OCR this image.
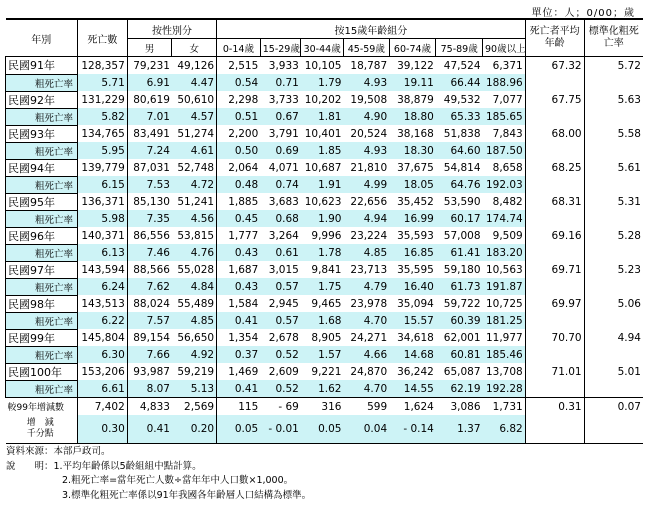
單位：人；0/00；歲
年別	死亡數	按性別分		按15歲年齡組分							死亡者平均年齡	標準化粗死亡率
		男	女	0-14歲	15-29歲	30-44歲	45-59歲	60-74歲	75-89歲	90歲以上		
民國91年	128,357	79,231	49,126	2,515	3,933	10,105	18,787	39,122	47,524	6,371	67.32	5.72
粗死亡率	5.71	6.91	4.47	0.54	0.71	1.79	4.93	19.11	66.44	188.96		
民國92年	131,229	80,619	50,610	2,298	3,733	10,202	19,508	38,879	49,532	7,077	67.75	5.63
粗死亡率	5.82	7.01	4.57	0.51	0.67	1.81	4.90	18.80	65.33	185.65		
民國93年	134,765	83,491	51,274	2,200	3,791	10,401	20,524	38,168	51,838	7,843	68.00	5.58
粗死亡率	5.95	7.24	4.61	0.50	0.69	1.85	4.93	18.30	64.60	187.50		
民國94年	139,779	87,031	52,748	2,064	4,071	10,687	21,810	37,675	54,814	8,658	68.25	5.61
粗死亡率	6.15	7.53	4.72	0.48	0.74	1.91	4.99	18.05	64.76	192.03		
民國95年	136,371	85,130	51,241	1,885	3,683	10,623	22,656	35,452	53,590	8,482	68.31	5.31
粗死亡率	5.98	7.35	4.56	0.45	0.68	1.90	4.94	16.99	60.17	174.74		
民國96年	140,371	86,556	53,815	1,777	3,264	9,996	23,224	35,593	57,008	9,509	69.16	5.28
粗死亡率	6.13	7.46	4.76	0.43	0.61	1.78	4.85	16.85	61.41	183.20		
民國97年	143,594	88,566	55,028	1,687	3,015	9,841	23,713	35,595	59,180	10,563	69.71	5.23
粗死亡率	6.24	7.62	4.84	0.43	0.57	1.75	4.79	16.40	61.73	191.87		
民國98年	143,513	88,024	55,489	1,584	2,945	9,465	23,978	35,094	59,722	10,725	69.97	5.06
粗死亡率	6.22	7.57	4.85	0.41	0.57	1.68	4.70	15.57	60.39	181.25		
民國99年	145,804	89,154	56,650	1,354	2,678	8,905	24,271	34,618	62,001	11,977	70.70	4.94
粗死亡率	6.30	7.66	4.92	0.37	0.52	1.57	4.66	14.68	60.81	185.46		
民國100年	153,206	93,987	59,219	1,469	2,609	9,221	24,870	36,242	65,087	13,708	71.01	5.01
粗死亡率	6.61	8.07	5.13	0.41	0.52	1.62	4.70	14.55	62.19	192.28		
較99年增減數	7,402	4,833	2,569	115	- 69	316	599	1,624	3,086	1,731	0.31	0.07

增　減
千分點	0.30	0.41	0.20	0.05	- 0.01	0.05	0.04	- 0.14	1.37	6.82		
資料來源：本部戶政司。
說　　明：1.平均年齡係以5齡組組中點計算。
2.粗死亡率=當年死亡人數÷當年年中人口數×1,000。
3.標準化粗死亡率係以91年我國各年齡層人口結構為標準。
